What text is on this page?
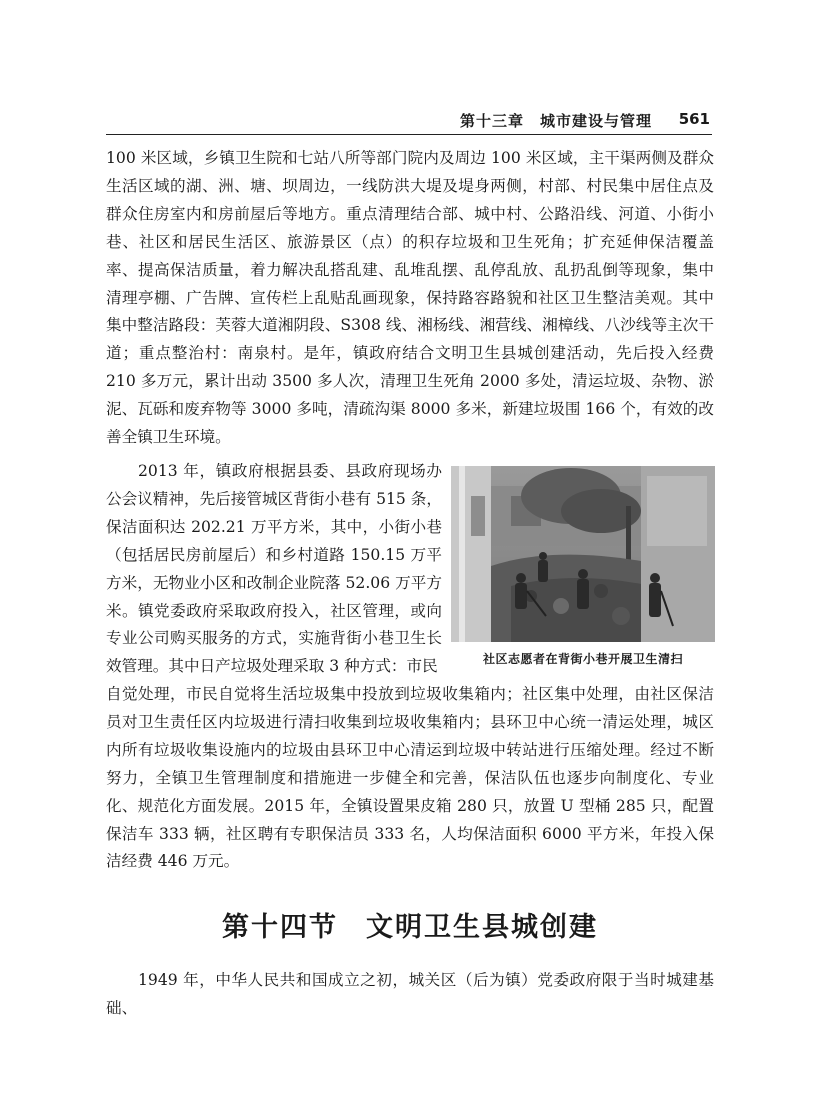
第十三章　城市建设与管理 561

100 米区域，乡镇卫生院和七站八所等部门院内及周边 100 米区域，主干渠两侧及群众生活区域的湖、洲、塘、坝周边，一线防洪大堤及堤身两侧，村部、村民集中居住点及群众住房室内和房前屋后等地方。重点清理结合部、城中村、公路沿线、河道、小街小巷、社区和居民生活区、旅游景区（点）的积存垃圾和卫生死角；扩充延伸保洁覆盖率、提高保洁质量，着力解决乱搭乱建、乱堆乱摆、乱停乱放、乱扔乱倒等现象，集中清理亭棚、广告牌、宣传栏上乱贴乱画现象，保持路容路貌和社区卫生整洁美观。其中集中整洁路段：芙蓉大道湘阴段、S308 线、湘杨线、湘营线、湘樟线、八沙线等主次干道；重点整治村：南泉村。是年，镇政府结合文明卫生县城创建活动，先后投入经费 210 多万元，累计出动 3500 多人次，清理卫生死角 2000 多处，清运垃圾、杂物、淤泥、瓦砾和废弃物等 3000 多吨，清疏沟渠 8000 多米，新建垃圾围 166 个，有效的改善全镇卫生环境。

2013 年，镇政府根据县委、县政府现场办公会议精神，先后接管城区背街小巷有 515 条，保洁面积达 202.21 万平方米，其中，小街小巷（包括居民房前屋后）和乡村道路 150.15 万平方米，无物业小区和改制企业院落 52.06 万平方米。镇党委政府采取政府投入，社区管理，或向专业公司购买服务的方式，实施背街小巷卫生长效管理。其中日产垃圾处理采取 3 种方式：市民	社区志愿者在背街小巷开展卫生清扫

自觉处理，市民自觉将生活垃圾集中投放到垃圾收集箱内；社区集中处理，由社区保洁员对卫生责任区内垃圾进行清扫收集到垃圾收集箱内；县环卫中心统一清运处理，城区内所有垃圾收集设施内的垃圾由县环卫中心清运到垃圾中转站进行压缩处理。经过不断努力，全镇卫生管理制度和措施进一步健全和完善，保洁队伍也逐步向制度化、专业化、规范化方面发展。2015 年，全镇设置果皮箱 280 只，放置 U 型桶 285 只，配置保洁车 333 辆，社区聘有专职保洁员 333 名，人均保洁面积 6000 平方米，年投入保洁经费 446 万元。

第十四节 文明卫生县城创建

1949 年，中华人民共和国成立之初，城关区（后为镇）党委政府限于当时城建基础、
